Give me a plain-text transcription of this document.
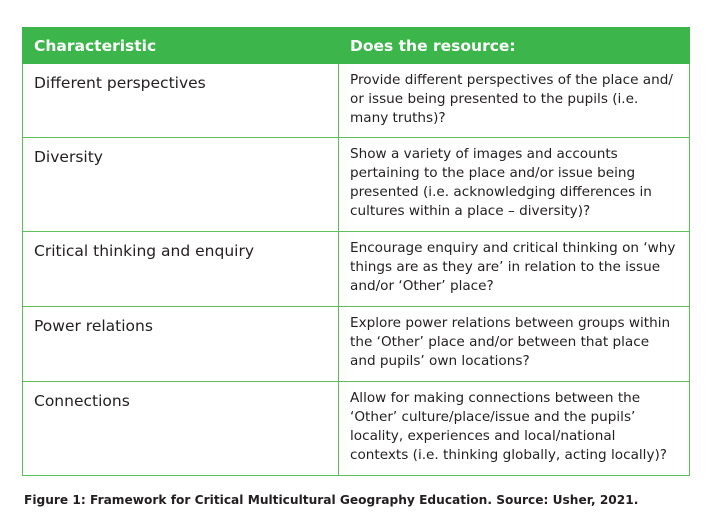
Characteristic	Does the resource:
Different perspectives	Provide different perspectives of the place and/ or issue being presented to the pupils (i.e. many truths)?
Diversity	Show a variety of images and accounts pertaining to the place and/or issue being presented (i.e. acknowledging differences in cultures within a place – diversity)?
Critical thinking and enquiry	Encourage enquiry and critical thinking on ‘why things are as they are’ in relation to the issue and/or ‘Other’ place?
Power relations	Explore power relations between groups within the ‘Other’ place and/or between that place and pupils’ own locations?
Connections	Allow for making connections between the ‘Other’ culture/place/issue and the pupils’ locality, experiences and local/national contexts (i.e. thinking globally, acting locally)?
Figure 1: Framework for Critical Multicultural Geography Education. Source: Usher, 2021.
